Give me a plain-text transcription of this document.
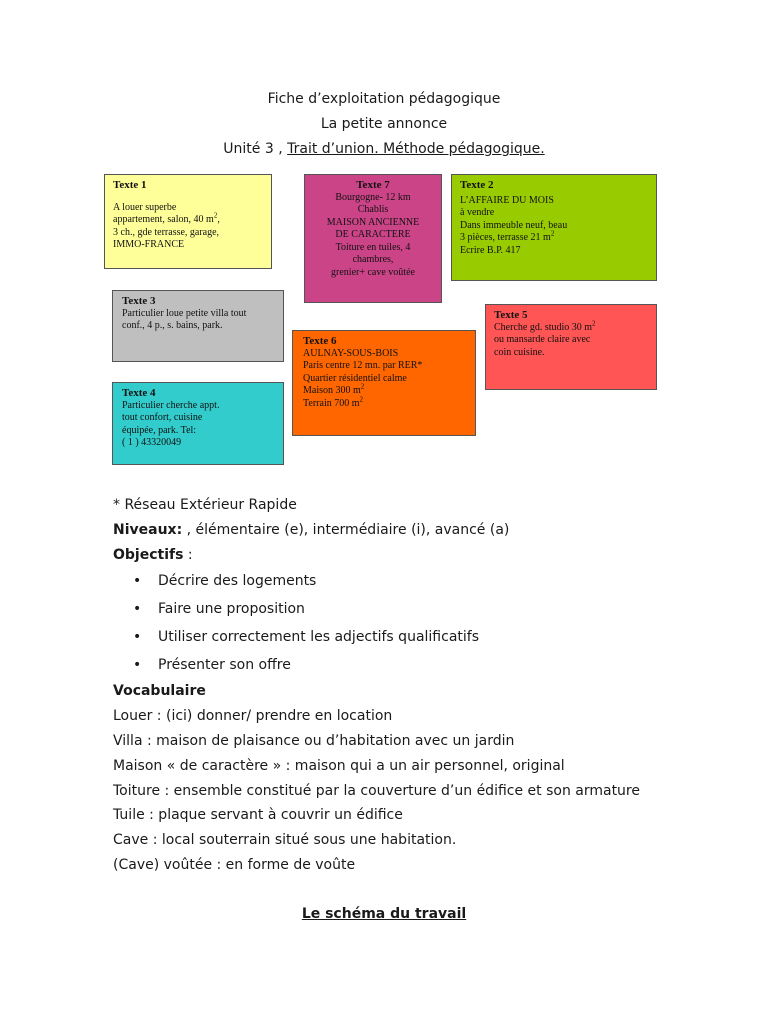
Fiche d’exploitation pédagogique
La petite annonce
Unité 3 , Trait d’union. Méthode pédagogique.
Texte 1
A louer superbe
appartement, salon, 40 $m^2$,
3 ch., gde terrasse, garage,
IMMO-FRANCE
Texte 7
Bourgogne- 12 km
Chablis
MAISON ANCIENNE
DE CARACTERE
Toiture en tuiles, 4
chambres,
grenier+ cave voûtée
Texte 2
L’AFFAIRE DU MOIS
à vendre
Dans immeuble neuf, beau
3 pièces, terrasse 21 $m^2$
Ecrire B.P. 417
Texte 3
Particulier loue petite villa tout
conf., 4 p., s. bains, park.
Texte 6
AULNAY-SOUS-BOIS
Paris centre 12 mn. par RER*
Quartier résidentiel calme
Maison 300 $m^2$
Terrain 700 $m^2$
Texte 5
Cherche gd. studio 30 $m^2$
ou mansarde claire avec
coin cuisine.
Texte 4
Particulier cherche appt.
tout confort, cuisine
équipée, park. Tel:
( 1 ) 43320049
* Réseau Extérieur Rapide
Niveaux: , élémentaire (e), intermédiaire (i), avancé (a)
Objectifs :
• Décrire des logements
• Faire une proposition
• Utiliser correctement les adjectifs qualificatifs
• Présenter son offre
Vocabulaire
Louer : (ici) donner/ prendre en location
Villa : maison de plaisance ou d’habitation avec un jardin
Maison « de caractère » : maison qui a un air personnel, original
Toiture : ensemble constitué par la couverture d’un édifice et son armature
Tuile : plaque servant à couvrir un édifice
Cave : local souterrain situé sous une habitation.
(Cave) voûtée : en forme de voûte
Le schéma du travail
